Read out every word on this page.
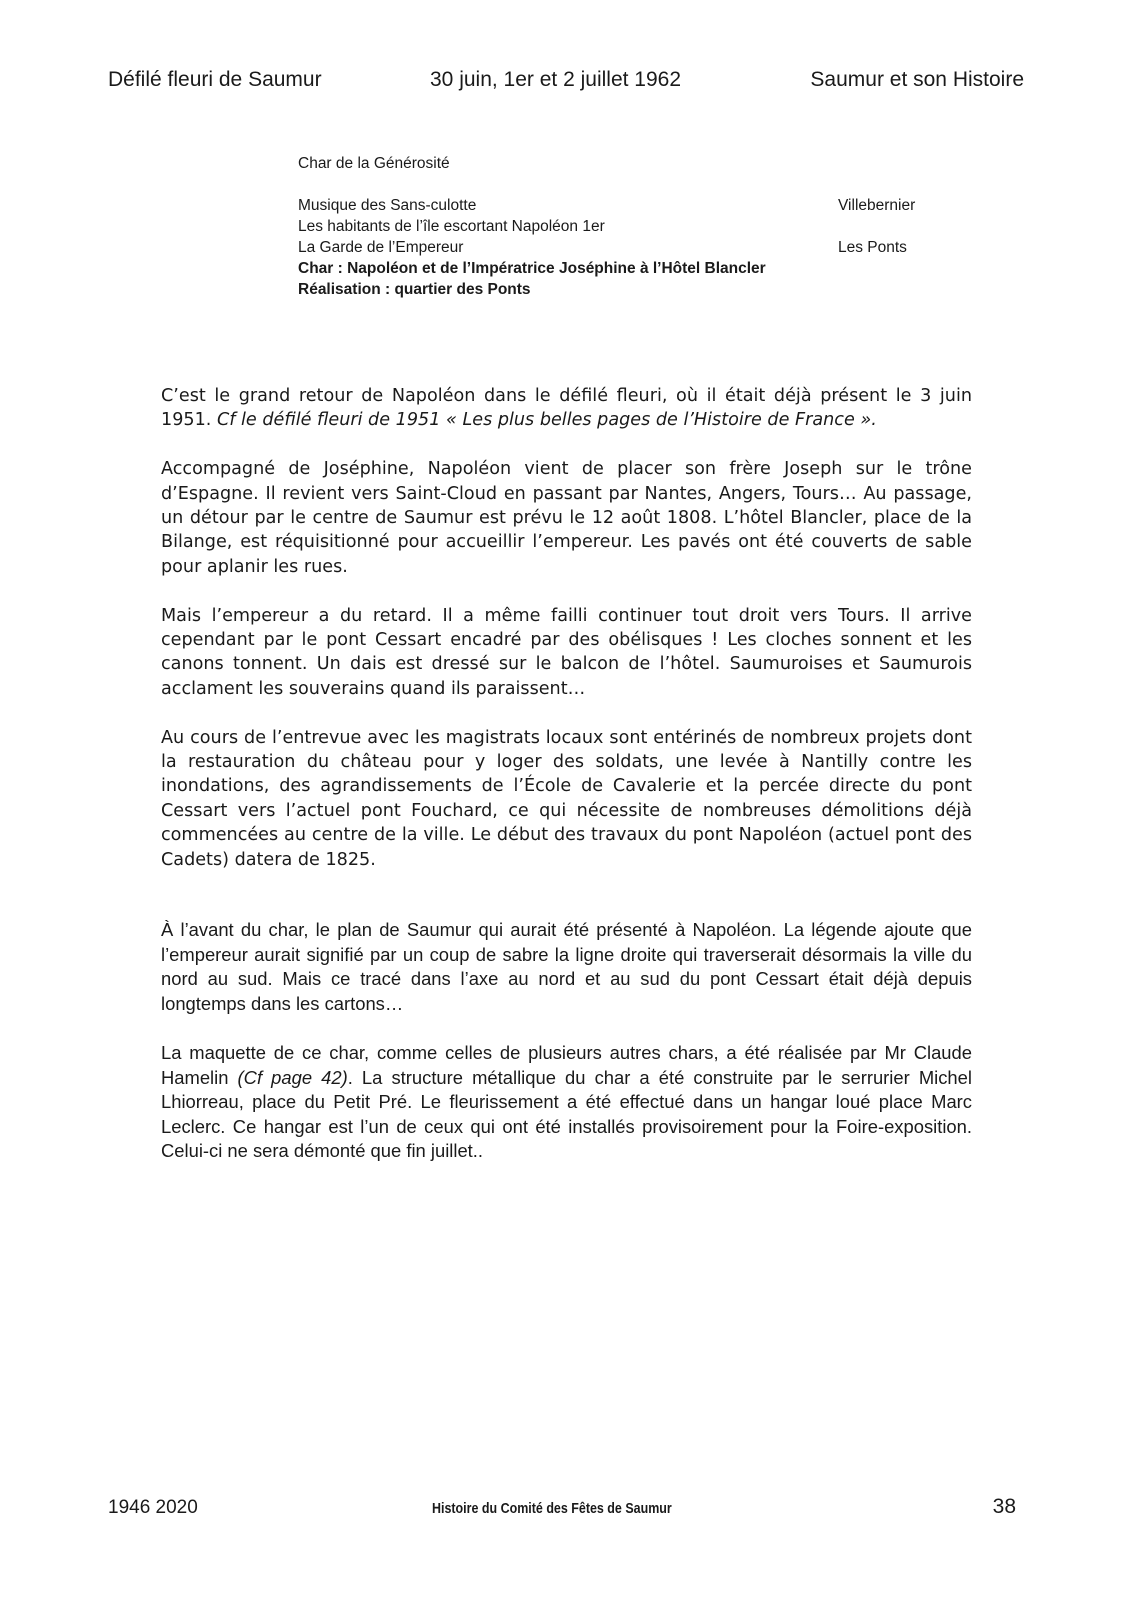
Défilé fleuri de Saumur	30 juin, 1er et 2 juillet 1962	Saumur et son Histoire
Char de la Générosité
Musique des Sans-culotte	Villebernier
Les habitants de l’île escortant Napoléon 1er
La Garde de l’Empereur	Les Ponts
Char : Napoléon et de l’Impératrice Joséphine à l’Hôtel Blancler
Réalisation : quartier des Ponts

C’est le grand retour de Napoléon dans le défilé fleuri, où il était déjà présent le 3 juin 1951. Cf le défilé fleuri de 1951 « Les plus belles pages de l’Histoire de France ».

Accompagné de Joséphine, Napoléon vient de placer son frère Joseph sur le trône d’Espagne. Il revient vers Saint-Cloud en passant par Nantes, Angers, Tours… Au passage, un détour par le centre de Saumur est prévu le 12 août 1808. L’hôtel Blancler, place de la Bilange, est réquisitionné pour accueillir l’empereur. Les pavés ont été couverts de sable pour aplanir les rues.

Mais l’empereur a du retard. Il a même failli continuer tout droit vers Tours. Il arrive cependant par le pont Cessart encadré par des obélisques ! Les cloches sonnent et les canons tonnent. Un dais est dressé sur le balcon de l’hôtel. Saumuroises et Saumurois acclament les souverains quand ils paraissent…

Au cours de l’entrevue avec les magistrats locaux sont entérinés de nombreux projets dont la restauration du château pour y loger des soldats, une levée à Nantilly contre les inondations, des agrandissements de l’École de Cavalerie et la percée directe du pont Cessart vers l’actuel pont Fouchard, ce qui nécessite de nombreuses démolitions déjà commencées au centre de la ville. Le début des travaux du pont Napoléon (actuel pont des Cadets) datera de 1825.

À l’avant du char, le plan de Saumur qui aurait été présenté à Napoléon. La légende ajoute que l’empereur aurait signifié par un coup de sabre la ligne droite qui traverserait désormais la ville du nord au sud. Mais ce tracé dans l’axe au nord et au sud du pont Cessart était déjà depuis longtemps dans les cartons…

La maquette de ce char, comme celles de plusieurs autres chars, a été réalisée par Mr Claude Hamelin (Cf page 42). La structure métallique du char a été construite par le serrurier Michel Lhiorreau, place du Petit Pré. Le fleurissement a été effectué dans un hangar loué place Marc Leclerc. Ce hangar est l’un de ceux qui ont été installés provisoirement pour la Foire-exposition. Celui-ci ne sera démonté que fin juillet..

1946 2020	Histoire du Comité des Fêtes de Saumur	38
